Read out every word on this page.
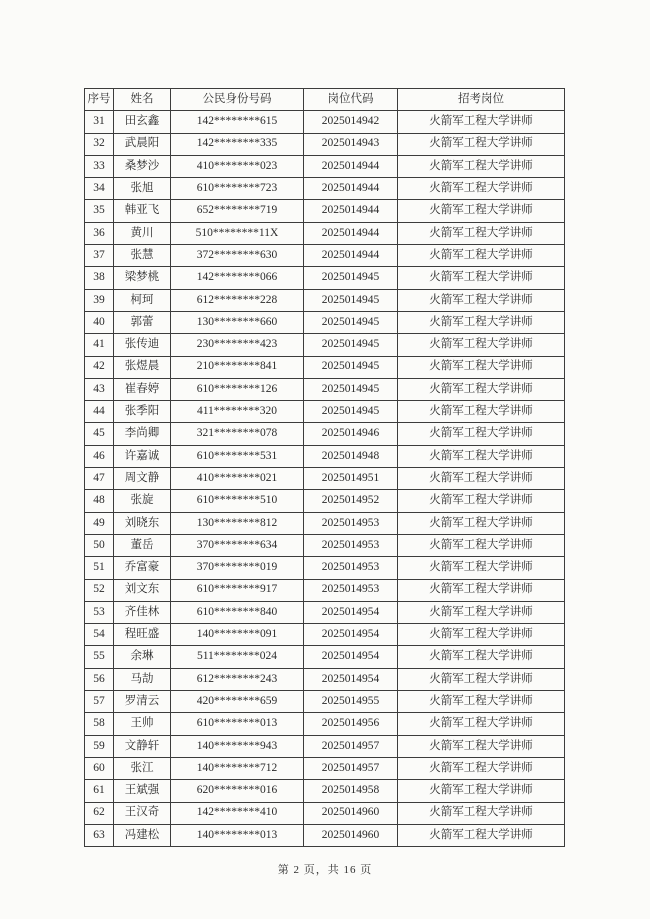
序号	姓名	公民身份号码	岗位代码	招考岗位
31	田玄鑫	142********615	2025014942	火箭军工程大学讲师
32	武晨阳	142********335	2025014943	火箭军工程大学讲师
33	桑梦沙	410********023	2025014944	火箭军工程大学讲师
34	张旭	610********723	2025014944	火箭军工程大学讲师
35	韩亚飞	652********719	2025014944	火箭军工程大学讲师
36	黄川	510********11X	2025014944	火箭军工程大学讲师
37	张慧	372********630	2025014944	火箭军工程大学讲师
38	梁梦桃	142********066	2025014945	火箭军工程大学讲师
39	柯珂	612********228	2025014945	火箭军工程大学讲师
40	郭蕾	130********660	2025014945	火箭军工程大学讲师
41	张传迪	230********423	2025014945	火箭军工程大学讲师
42	张煜晨	210********841	2025014945	火箭军工程大学讲师
43	崔春婷	610********126	2025014945	火箭军工程大学讲师
44	张季阳	411********320	2025014945	火箭军工程大学讲师
45	李尚卿	321********078	2025014946	火箭军工程大学讲师
46	许嘉诚	610********531	2025014948	火箭军工程大学讲师
47	周文静	410********021	2025014951	火箭军工程大学讲师
48	张旋	610********510	2025014952	火箭军工程大学讲师
49	刘晓东	130********812	2025014953	火箭军工程大学讲师
50	董岳	370********634	2025014953	火箭军工程大学讲师
51	乔富豪	370********019	2025014953	火箭军工程大学讲师
52	刘文东	610********917	2025014953	火箭军工程大学讲师
53	齐佳林	610********840	2025014954	火箭军工程大学讲师
54	程旺盛	140********091	2025014954	火箭军工程大学讲师
55	余琳	511********024	2025014954	火箭军工程大学讲师
56	马劼	612********243	2025014954	火箭军工程大学讲师
57	罗清云	420********659	2025014955	火箭军工程大学讲师
58	王帅	610********013	2025014956	火箭军工程大学讲师
59	文静轩	140********943	2025014957	火箭军工程大学讲师
60	张江	140********712	2025014957	火箭军工程大学讲师
61	王斌强	620********016	2025014958	火箭军工程大学讲师
62	王汉奇	142********410	2025014960	火箭军工程大学讲师
63	冯建松	140********013	2025014960	火箭军工程大学讲师
第 2 页，共 16 页
